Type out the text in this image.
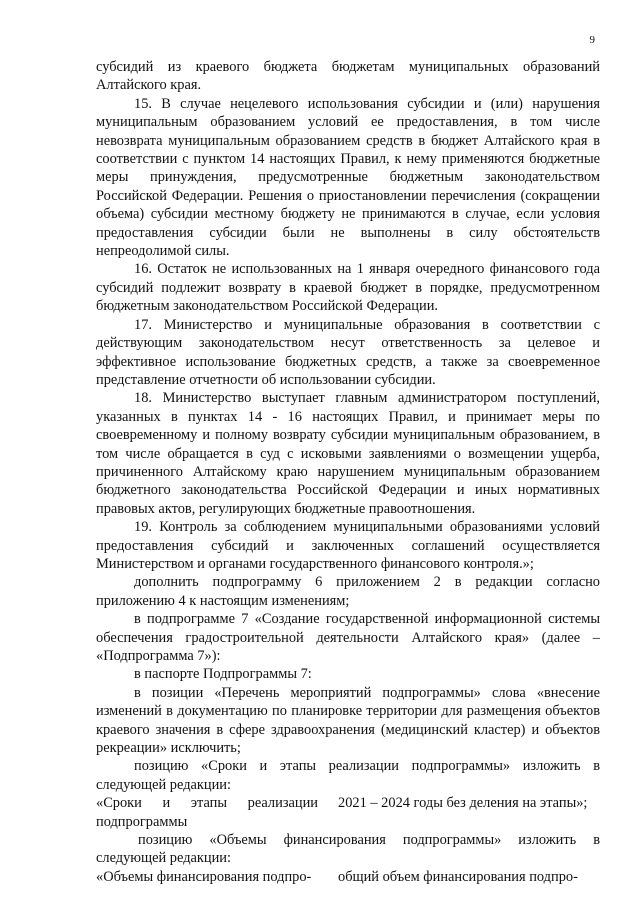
9

субсидий из краевого бюджета бюджетам муниципальных образований Алтайского края.

15. В случае нецелевого использования субсидии и (или) нарушения муниципальным образованием условий ее предоставления, в том числе невозврата муниципальным образованием средств в бюджет Алтайского края в соответствии с пунктом 14 настоящих Правил, к нему применяются бюджетные меры принуждения, предусмотренные бюджетным законодательством Российской Федерации. Решения о приостановлении перечисления (сокращении объема) субсидии местному бюджету не принимаются в случае, если условия предоставления субсидии были не выполнены в силу обстоятельств непреодолимой силы.

16. Остаток не использованных на 1 января очередного финансового года субсидий подлежит возврату в краевой бюджет в порядке, предусмотренном бюджетным законодательством Российской Федерации.

17. Министерство и муниципальные образования в соответствии с действующим законодательством несут ответственность за целевое и эффективное использование бюджетных средств, а также за своевременное представление отчетности об использовании субсидии.

18. Министерство выступает главным администратором поступлений, указанных в пунктах 14 - 16 настоящих Правил, и принимает меры по своевременному и полному возврату субсидии муниципальным образованием, в том числе обращается в суд с исковыми заявлениями о возмещении ущерба, причиненного Алтайскому краю нарушением муниципальным образованием бюджетного законодательства Российской Федерации и иных нормативных правовых актов, регулирующих бюджетные правоотношения.

19. Контроль за соблюдением муниципальными образованиями условий предоставления субсидий и заключенных соглашений осуществляется Министерством и органами государственного финансового контроля.»;

дополнить подпрограмму 6 приложением 2 в редакции согласно приложению 4 к настоящим изменениям;

в подпрограмме 7 «Создание государственной информационной системы обеспечения градостроительной деятельности Алтайского края» (далее – «Подпрограмма 7»):

в паспорте Подпрограммы 7:

в позиции «Перечень мероприятий подпрограммы» слова «внесение изменений в документацию по планировке территории для размещения объектов краевого значения в сфере здравоохранения (медицинский кластер) и объектов рекреации» исключить;

позицию «Сроки и этапы реализации подпрограммы» изложить в следующей редакции:

«Сроки и этапы реализации подпрограммы
2021 – 2024 годы без деления на этапы»;

позицию «Объемы финансирования подпрограммы» изложить в следующей редакции:

«Объемы финансирования подпро-	общий объем финансирования подпро-
